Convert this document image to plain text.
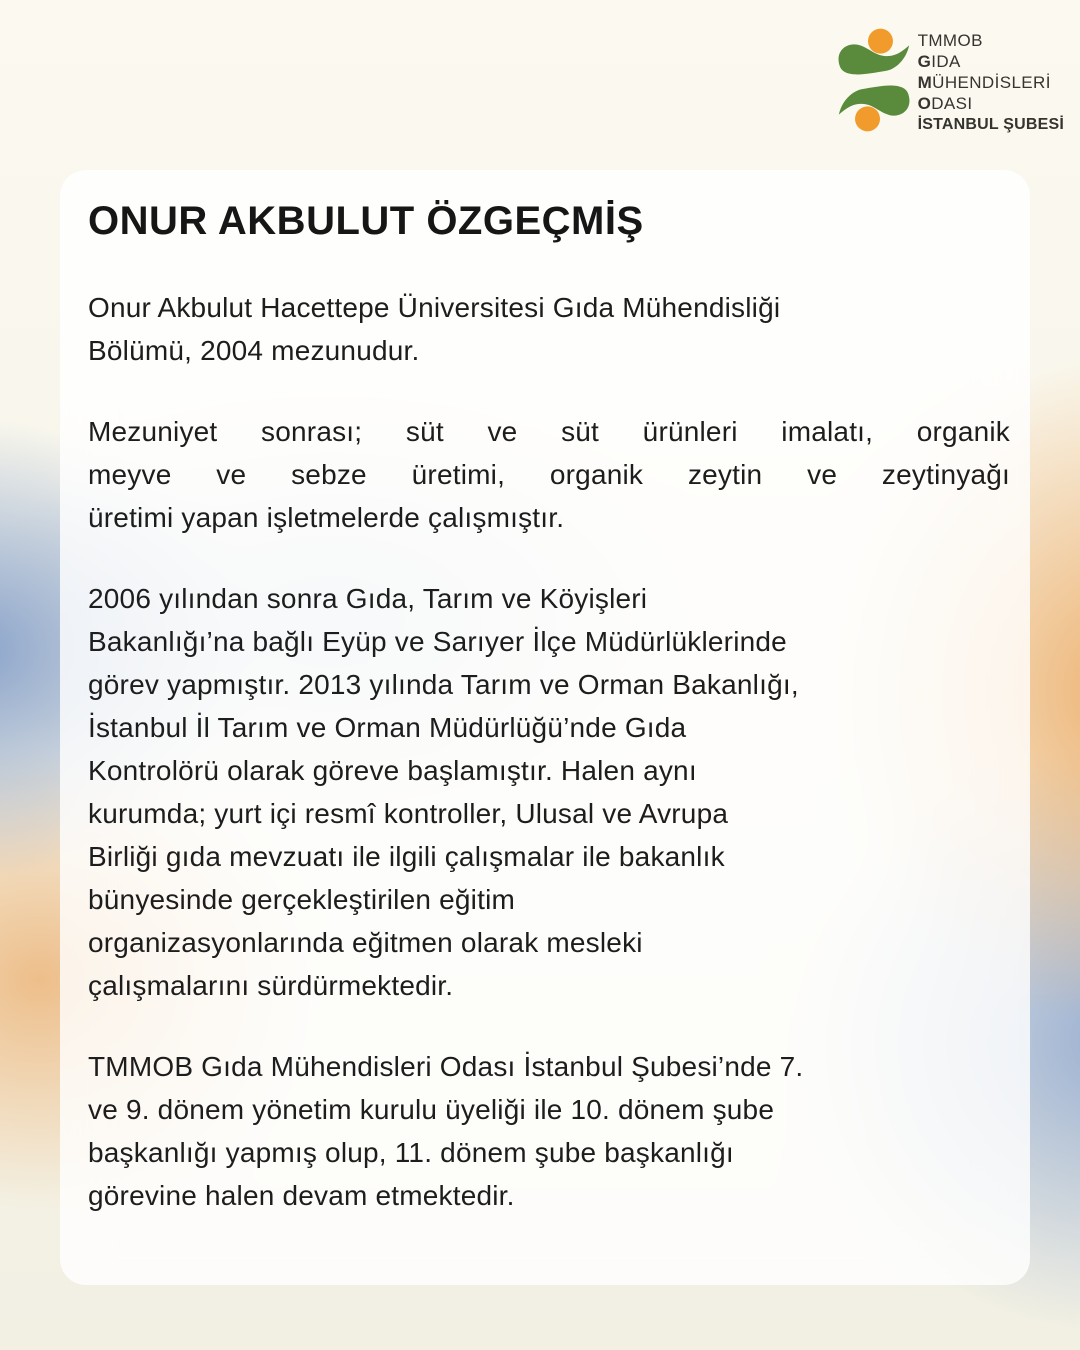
TMMOB
GIDA
MÜHENDİSLERİ
ODASI
İSTANBUL ŞUBESİ
ONUR AKBULUT ÖZGEÇMİŞ
Onur Akbulut Hacettepe Üniversitesi Gıda Mühendisliği
Bölümü, 2004 mezunudur.
Mezuniyet sonrası; süt ve süt ürünleri imalatı, organik
meyve ve sebze üretimi, organik zeytin ve zeytinyağı
üretimi yapan işletmelerde çalışmıştır.
2006 yılından sonra Gıda, Tarım ve Köyişleri
Bakanlığı’na bağlı Eyüp ve Sarıyer İlçe Müdürlüklerinde
görev yapmıştır. 2013 yılında Tarım ve Orman Bakanlığı,
İstanbul İl Tarım ve Orman Müdürlüğü’nde Gıda
Kontrolörü olarak göreve başlamıştır. Halen aynı
kurumda; yurt içi resmî kontroller, Ulusal ve Avrupa
Birliği gıda mevzuatı ile ilgili çalışmalar ile bakanlık
bünyesinde gerçekleştirilen eğitim
organizasyonlarında eğitmen olarak mesleki
çalışmalarını sürdürmektedir.
TMMOB Gıda Mühendisleri Odası İstanbul Şubesi’nde 7.
ve 9. dönem yönetim kurulu üyeliği ile 10. dönem şube
başkanlığı yapmış olup, 11. dönem şube başkanlığı
görevine halen devam etmektedir.
